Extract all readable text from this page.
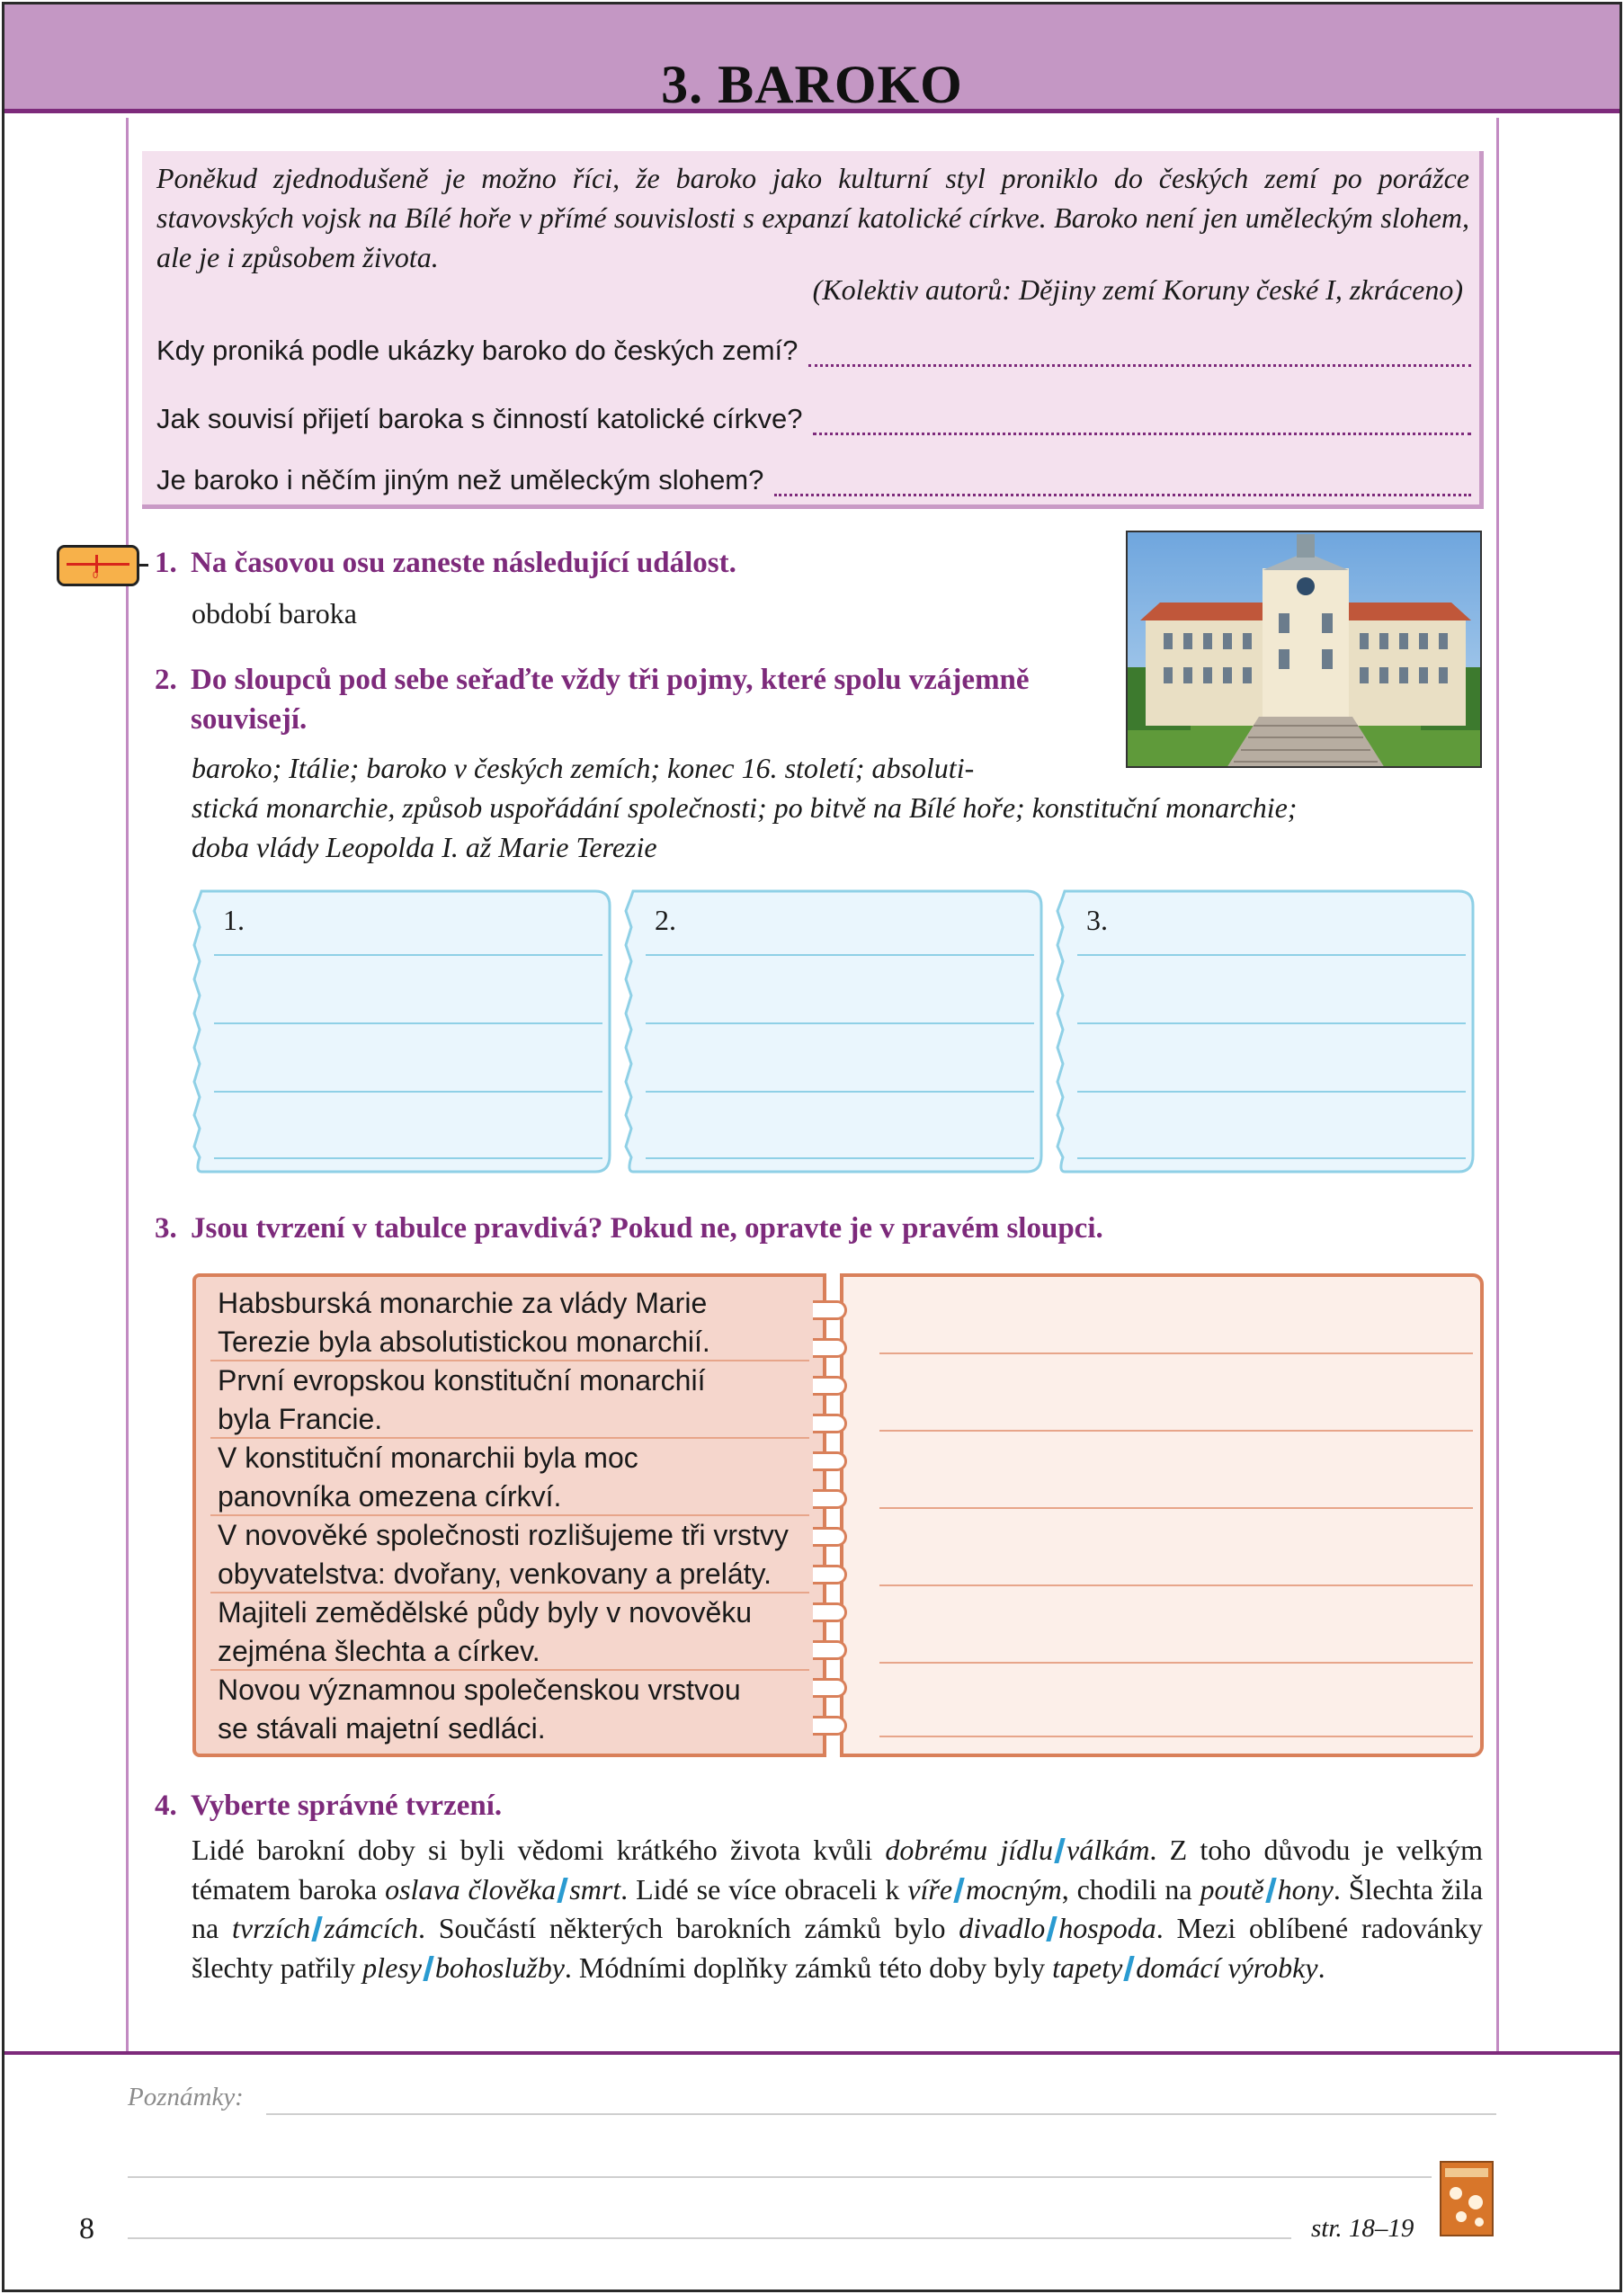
3. BAROKO
Poněkud zjednodušeně je možno říci, že baroko jako kulturní styl proniklo do českých zemí po porážce stavovských vojsk na Bílé hoře v přímé souvislosti s expanzí katolické církve. Baroko není jen uměleckým slohem, ale je i způsobem života.
(Kolektiv autorů: Dějiny zemí Koruny české I, zkráceno)
Kdy proniká podle ukázky baroko do českých zemí?
Jak souvisí přijetí baroka s činností katolické církve?
Je baroko i něčím jiným než uměleckým slohem?
0 1. Na časovou osu zaneste následující událost.
období baroka
2. Do sloupců pod sebe seřaďte vždy tři pojmy, které spolu vzájemně
souvisejí.
baroko; Itálie; baroko v českých zemích; konec 16. století; absoluti-
stická monarchie, způsob uspořádání společnosti; po bitvě na Bílé hoře; konstituční monarchie;
doba vlády Leopolda I. až Marie Terezie
1.	2.	3.
3. Jsou tvrzení v tabulce pravdivá? Pokud ne, opravte je v pravém sloupci.
Habsburská monarchie za vlády Marie
Terezie byla absolutistickou monarchií.
První evropskou konstituční monarchií
byla Francie.
V konstituční monarchii byla moc
panovníka omezena církví.
V novověké společnosti rozlišujeme tři vrstvy
obyvatelstva: dvořany, venkovany a preláty.
Majiteli zemědělské půdy byly v novověku
zejména šlechta a církev.
Novou významnou společenskou vrstvou
se stávali majetní sedláci.
4. Vyberte správné tvrzení.
Lidé barokní doby si byli vědomi krátkého života kvůli dobrému jídlu válkám. Z toho důvodu je velkým tématem baroka oslava člověka smrt. Lidé se více obraceli k víře mocným, chodili na poutě hony. Šlechta žila na tvrzích zámcích. Součástí některých barokních zámků bylo divadlo hospoda. Mezi oblíbené radovánky šlechty patřily plesy bohoslužby. Módními doplňky zámků této doby byly tapety domácí výrobky.
Poznámky:
8	str. 18–19
